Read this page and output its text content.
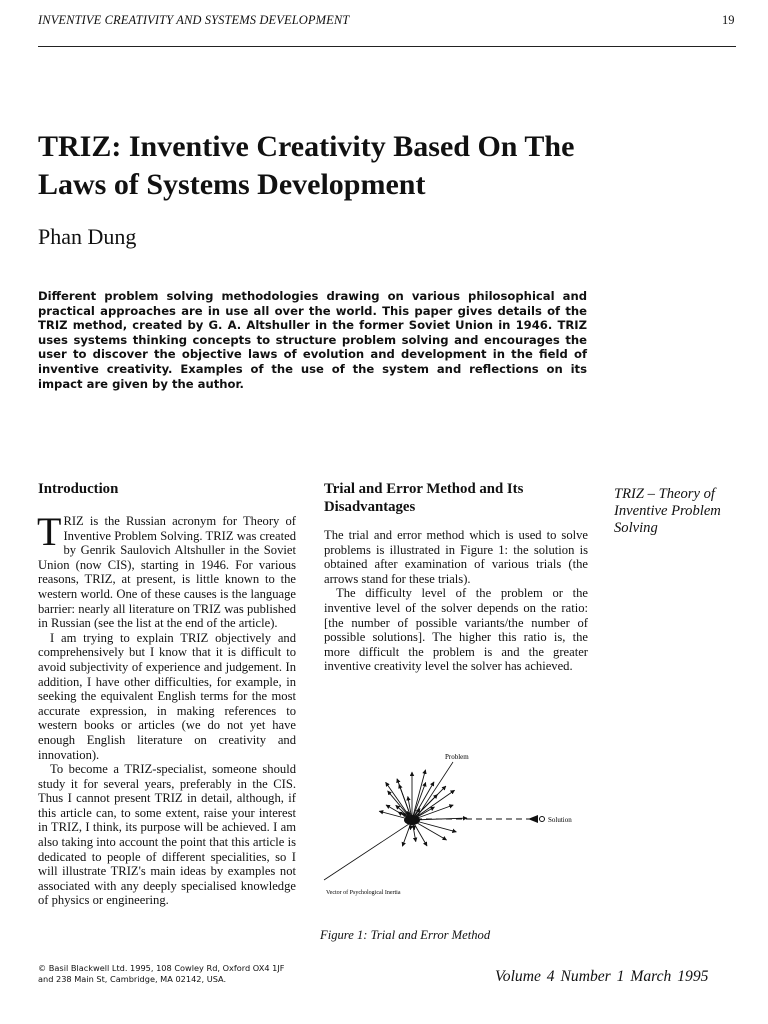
INVENTIVE CREATIVITY AND SYSTEMS DEVELOPMENT	19
TRIZ: Inventive Creativity Based On The
Laws of Systems Development
Phan Dung
Different problem solving methodologies drawing on various philosophical and practical approaches are in use all over the world. This paper gives details of the TRIZ method, created by G. A. Altshuller in the former Soviet Union in 1946. TRIZ uses systems thinking concepts to structure problem solving and encourages the user to discover the objective laws of evolution and development in the field of inventive creativity. Examples of the use of the system and reflections on its impact are given by the author.
Introduction

TRIZ is the Russian acronym for Theory of Inventive Problem Solving. TRIZ was created by Genrik Saulovich Altshuller in the Soviet Union (now CIS), starting in 1946. For various reasons, TRIZ, at present, is little known to the western world. One of these causes is the language barrier: nearly all literature on TRIZ was published in Russian (see the list at the end of the article).

I am trying to explain TRIZ objectively and comprehensively but I know that it is difficult to avoid subjectivity of experience and judgement. In addition, I have other difficulties, for example, in seeking the equivalent English terms for the most accurate expression, in making references to western books or articles (we do not yet have enough English literature on creativity and innovation).

To become a TRIZ-specialist, someone should study it for several years, preferably in the CIS. Thus I cannot present TRIZ in detail, although, if this article can, to some extent, raise your interest in TRIZ, I think, its purpose will be achieved. I am also taking into account the point that this article is dedicated to people of different specialities, so I will illustrate TRIZ's main ideas by examples not associated with any deeply specialised knowledge of physics or engineering.

Trial and Error Method and Its Disadvantages

The trial and error method which is used to solve problems is illustrated in Figure 1: the solution is obtained after examination of various trials (the arrows stand for these trials).

The difficulty level of the problem or the inventive level of the solver depends on the ratio: [the number of possible variants/the number of possible solutions]. The higher this ratio is, the more difficult the problem is and the greater inventive creativity level the solver has achieved.

TRIZ – Theory of Inventive Problem Solving
Problem
Solution
Vector of Psychological Inertia
Figure 1: Trial and Error Method
© Basil Blackwell Ltd. 1995, 108 Cowley Rd, Oxford OX4 1JF
and 238 Main St, Cambridge, MA 02142, USA.	Volume 4 Number 1 March 1995
